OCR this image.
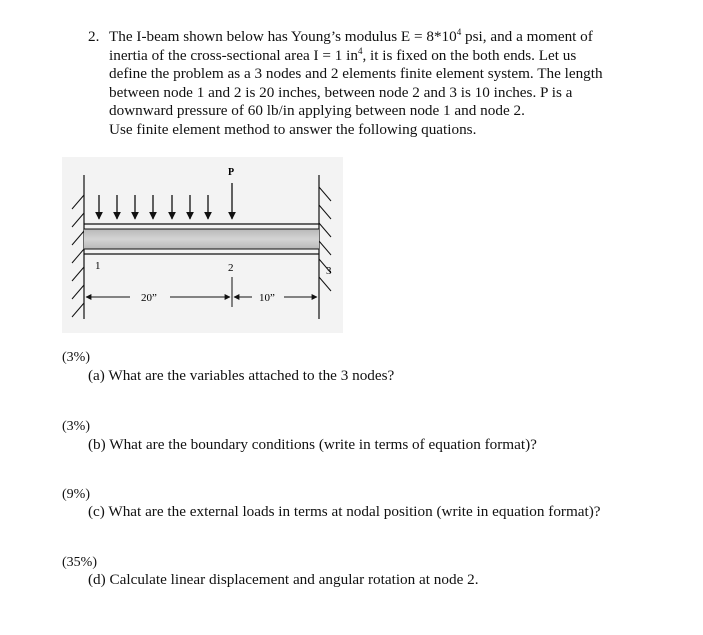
2. The I-beam shown below has Young’s modulus $E = 8*10^4$ psi, and a moment of
inertia of the cross-sectional area I = 1 $in^4$, it is fixed on the both ends. Let us
define the problem as a 3 nodes and 2 elements finite element system. The length
between node 1 and 2 is 20 inches, between node 2 and 3 is 10 inches. P is a
downward pressure of 60 lb/in applying between node 1 and node 2.
Use finite element method to answer the following quations.
P
1	2	3
20”	10”
(3%)
(a) What are the variables attached to the 3 nodes?
(3%)
(b) What are the boundary conditions (write in terms of equation format)?
(9%)
(c) What are the external loads in terms at nodal position (write in equation format)?
(35%)
(d) Calculate linear displacement and angular rotation at node 2.
